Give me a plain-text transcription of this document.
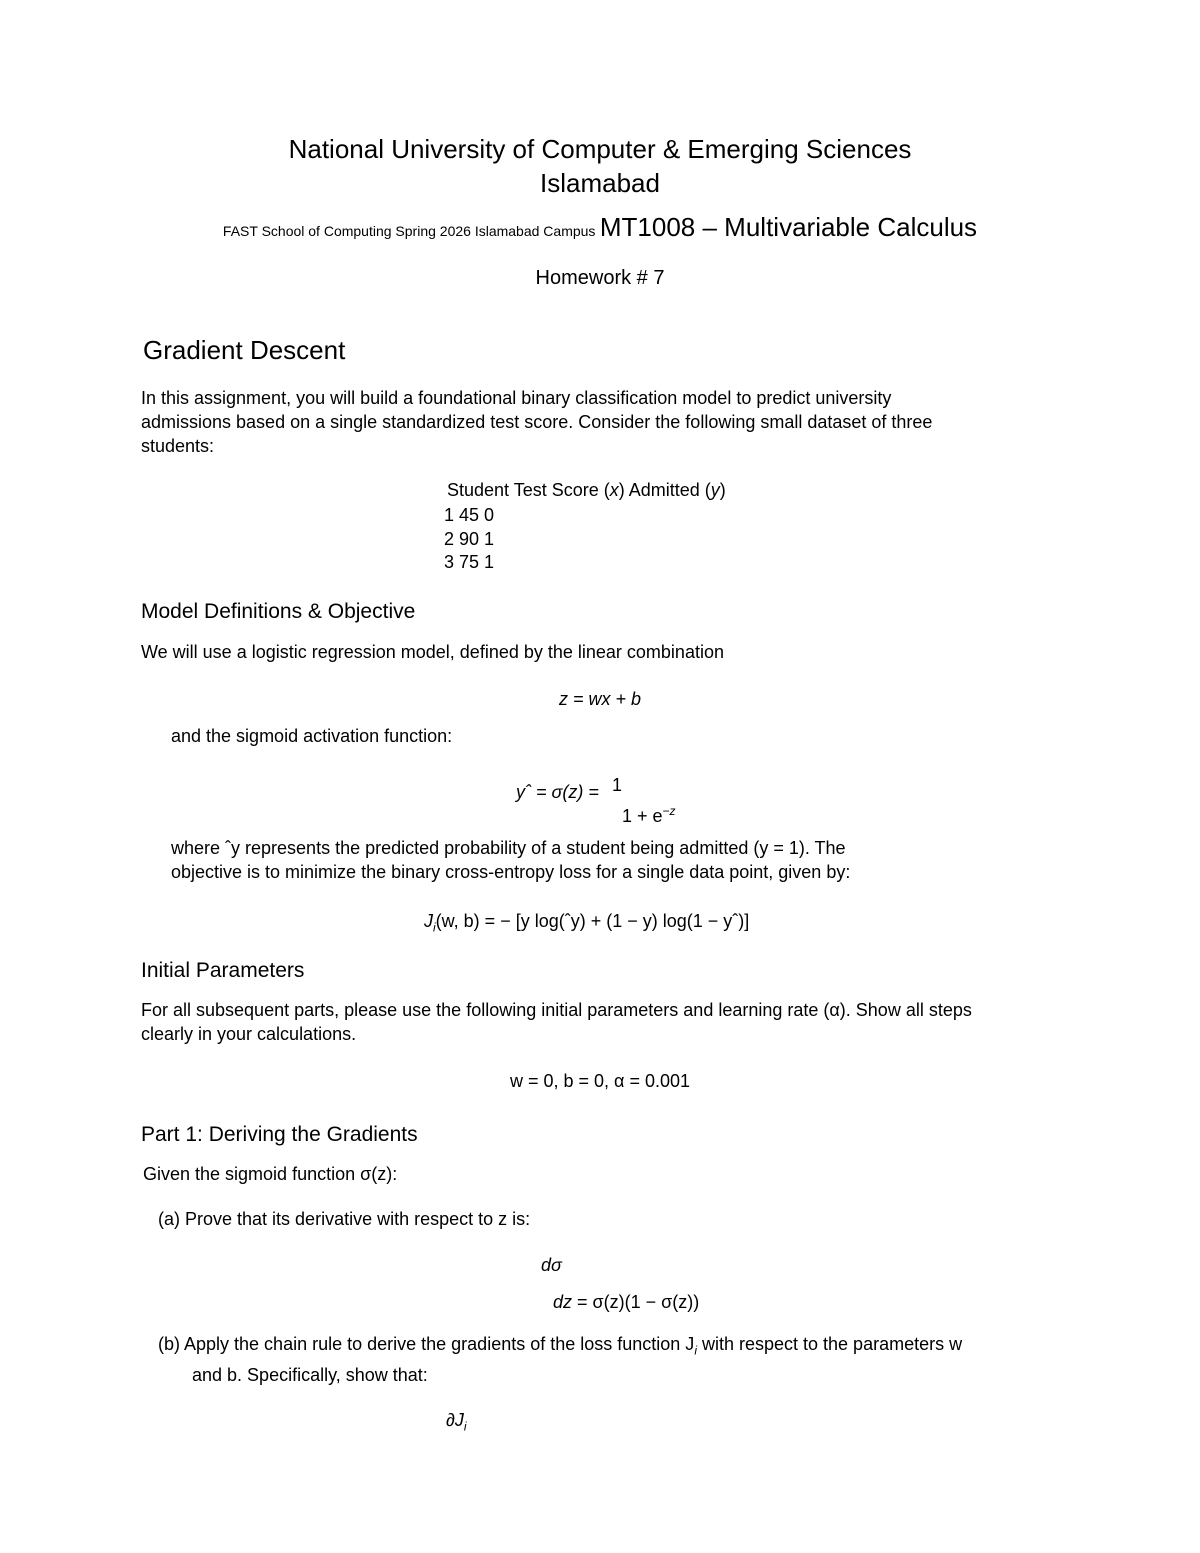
National University of Computer & Emerging Sciences
Islamabad
FAST School of Computing Spring 2026 Islamabad Campus MT1008 – Multivariable Calculus
Homework # 7
Gradient Descent
In this assignment, you will build a foundational binary classification model to predict university
admissions based on a single standardized test score. Consider the following small dataset of three
students:
Student Test Score (x) Admitted (y)
1 45 0
2 90 1
3 75 1
Model Definitions & Objective
We will use a logistic regression model, defined by the linear combination
z = wx + b
and the sigmoid activation function:
yˆ = σ(z) = 1
$1 + e^{-z}$
where ˆy represents the predicted probability of a student being admitted (y = 1). The
objective is to minimize the binary cross-entropy loss for a single data point, given by:
$J_i(w$, b) = − [y log(ˆy) + (1 − y) log(1 − yˆ)]
Initial Parameters
For all subsequent parts, please use the following initial parameters and learning rate (α). Show all steps
clearly in your calculations.
w = 0, b = 0, α = 0.001
Part 1: Deriving the Gradients
Given the sigmoid function σ(z):
(a) Prove that its derivative with respect to z is:
dσ
dz = σ(z)(1 − σ(z))
(b) Apply the chain rule to derive the gradients of the loss function $J_i$ with respect to the parameters w
and b. Specifically, show that:
$\partial J_i$
